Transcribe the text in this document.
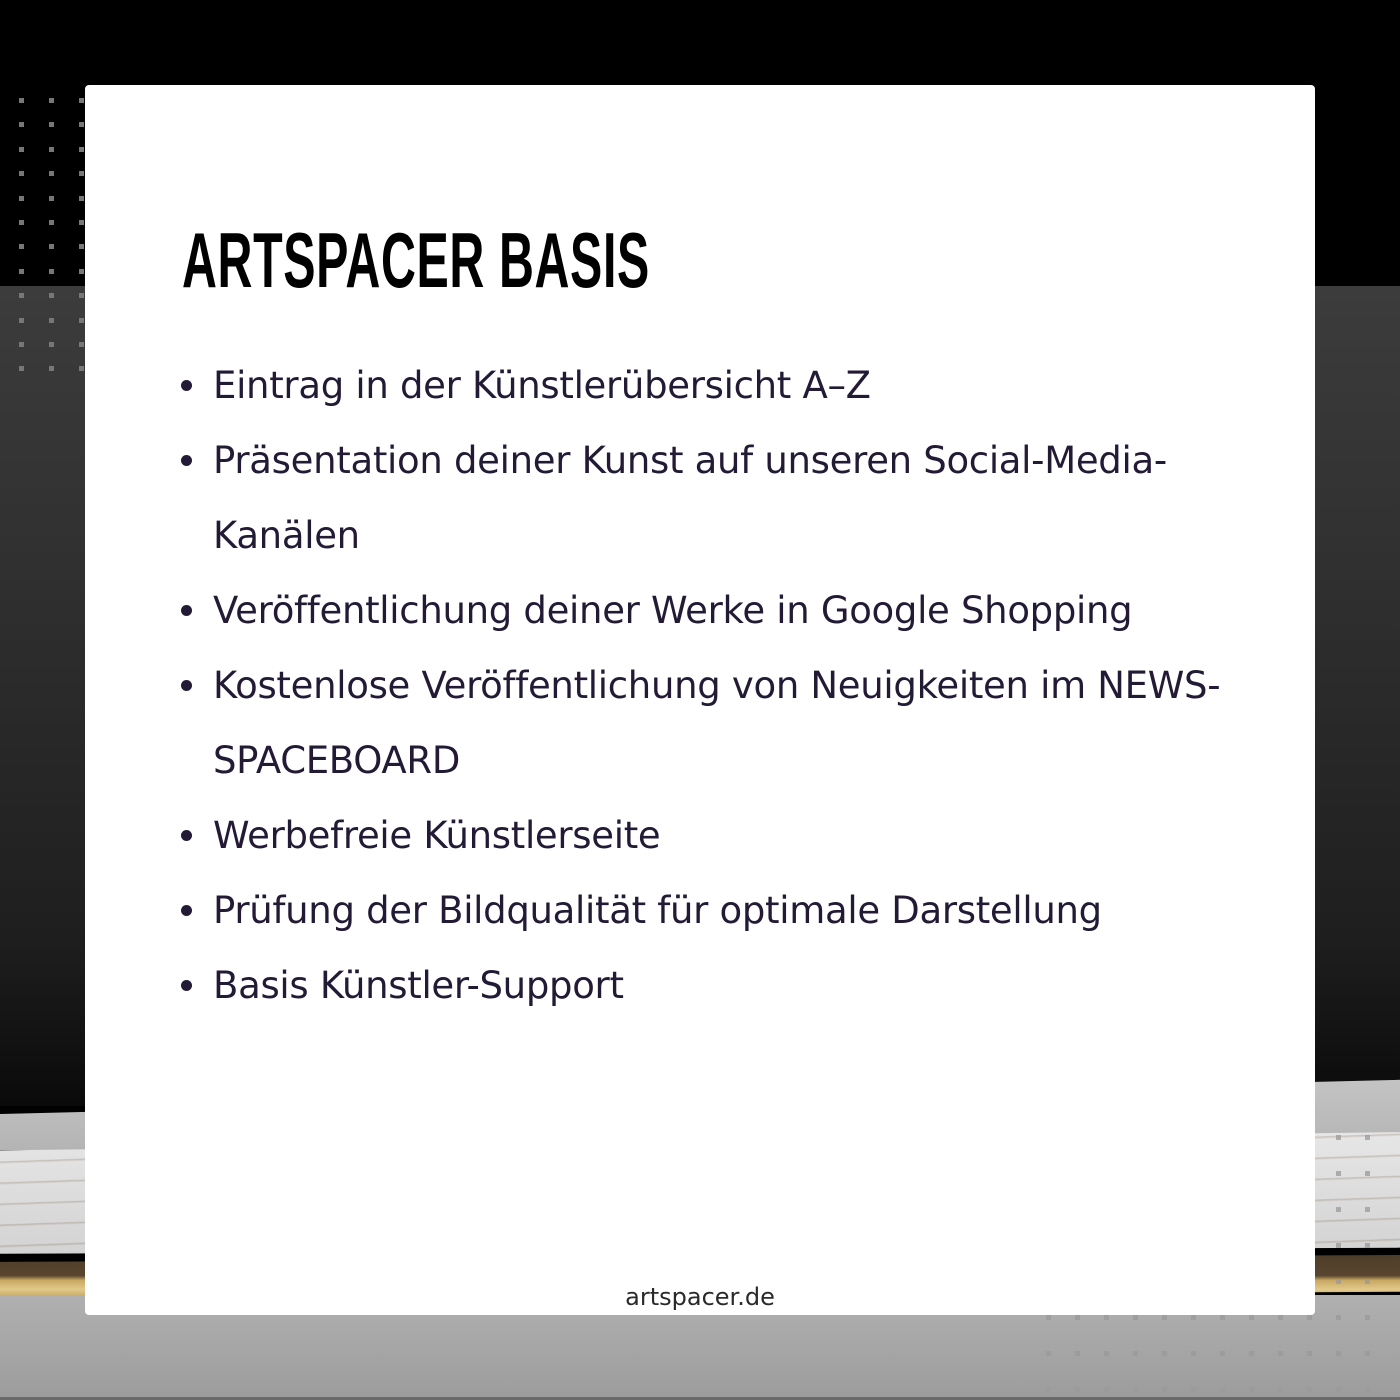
ARTSPACER BASIS
Eintrag in der Künstlerübersicht A–Z
Präsentation deiner Kunst auf unseren Social-Media-Kanälen
Veröffentlichung deiner Werke in Google Shopping
Kostenlose Veröffentlichung von Neuigkeiten im NEWS-SPACEBOARD
Werbefreie Künstlerseite
Prüfung der Bildqualität für optimale Darstellung
Basis Künstler-Support
artspacer.de
